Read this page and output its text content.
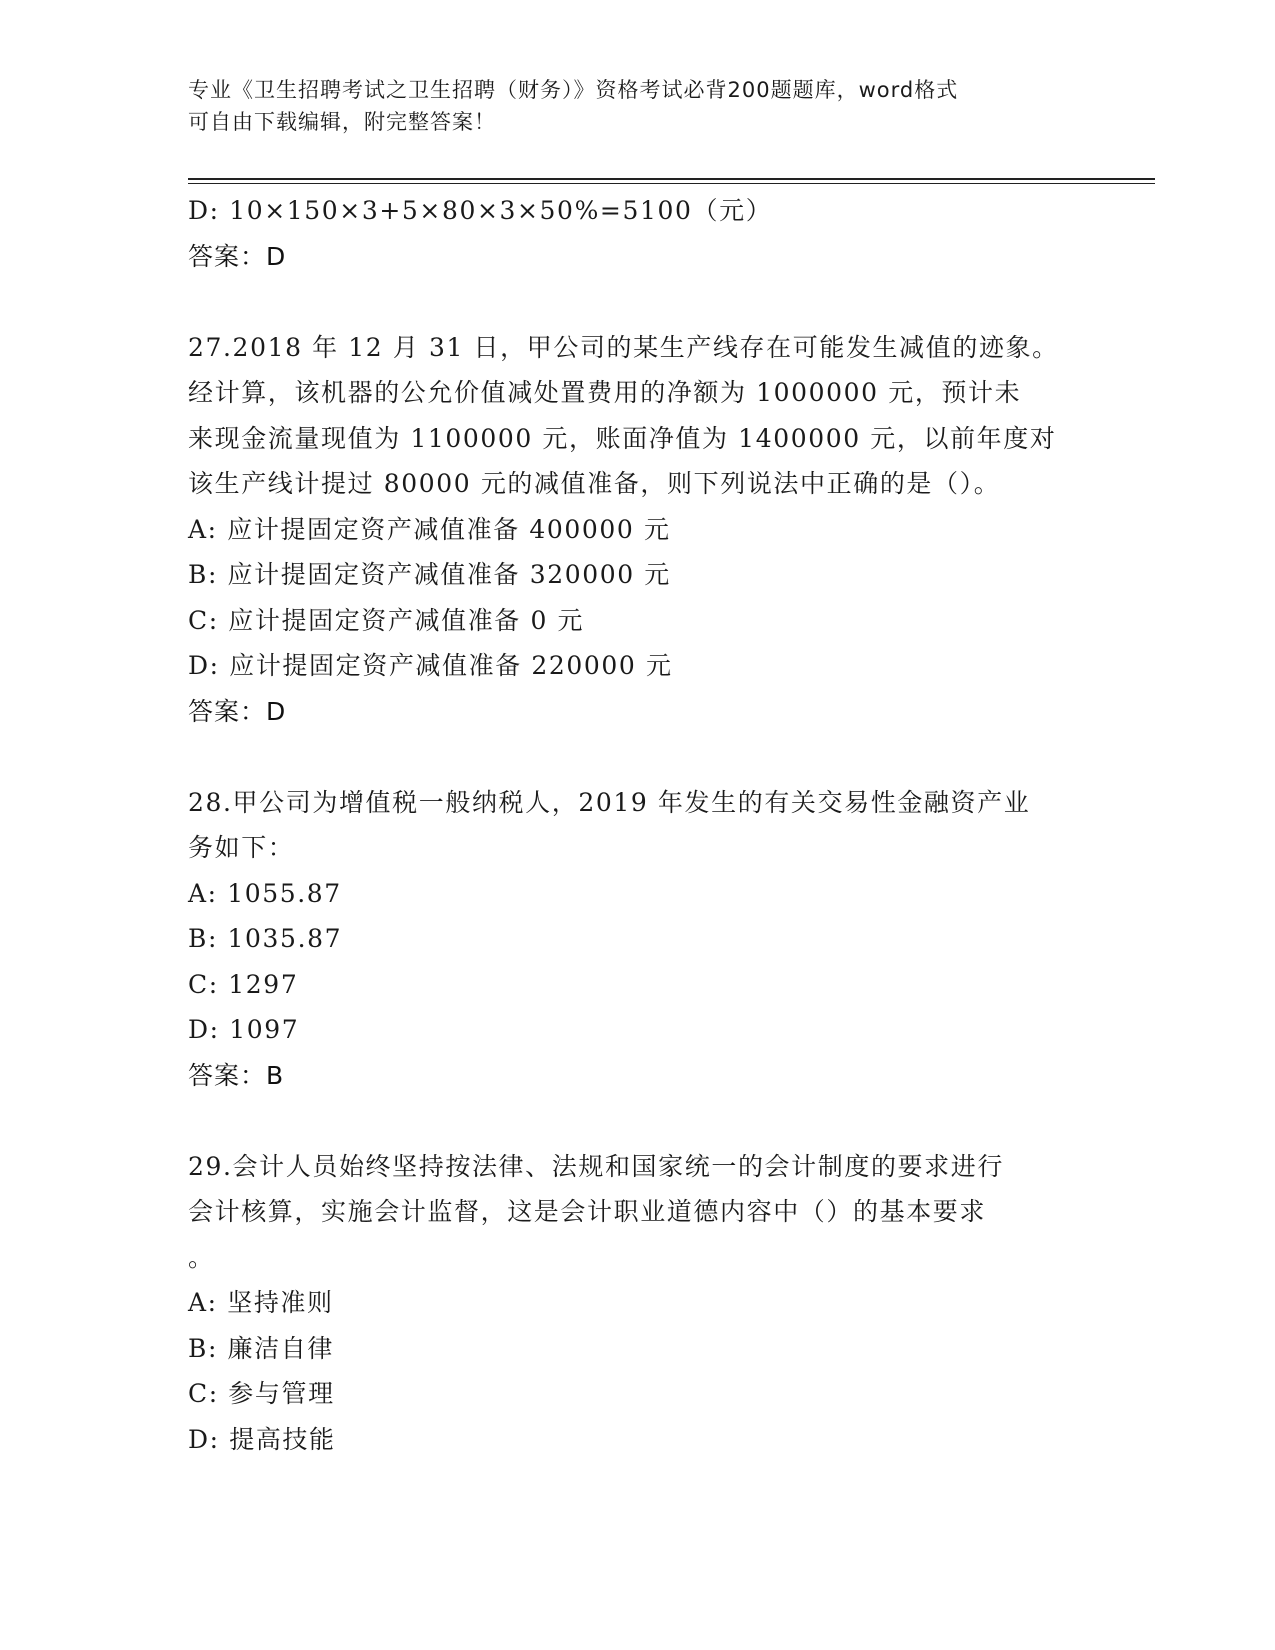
专业《卫生招聘考试之卫生招聘（财务）》资格考试必背200题题库，word格式
可自由下载编辑，附完整答案！
D: 10×150×3+5×80×3×50%=5100（元）
答案：D
27.2018 年 12 月 31 日，甲公司的某生产线存在可能发生减值的迹象。
经计算，该机器的公允价值减处置费用的净额为 1000000 元，预计未
来现金流量现值为 1100000 元，账面净值为 1400000 元，以前年度对
该生产线计提过 80000 元的减值准备，则下列说法中正确的是（）。
A: 应计提固定资产减值准备 400000 元
B: 应计提固定资产减值准备 320000 元
C: 应计提固定资产减值准备 0 元
D: 应计提固定资产减值准备 220000 元
答案：D
28.甲公司为增值税一般纳税人，2019 年发生的有关交易性金融资产业
务如下：
A: 1055.87
B: 1035.87
C: 1297
D: 1097
答案：B
29.会计人员始终坚持按法律、法规和国家统一的会计制度的要求进行
会计核算，实施会计监督，这是会计职业道德内容中（）的基本要求
。
A: 坚持准则
B: 廉洁自律
C: 参与管理
D: 提高技能
